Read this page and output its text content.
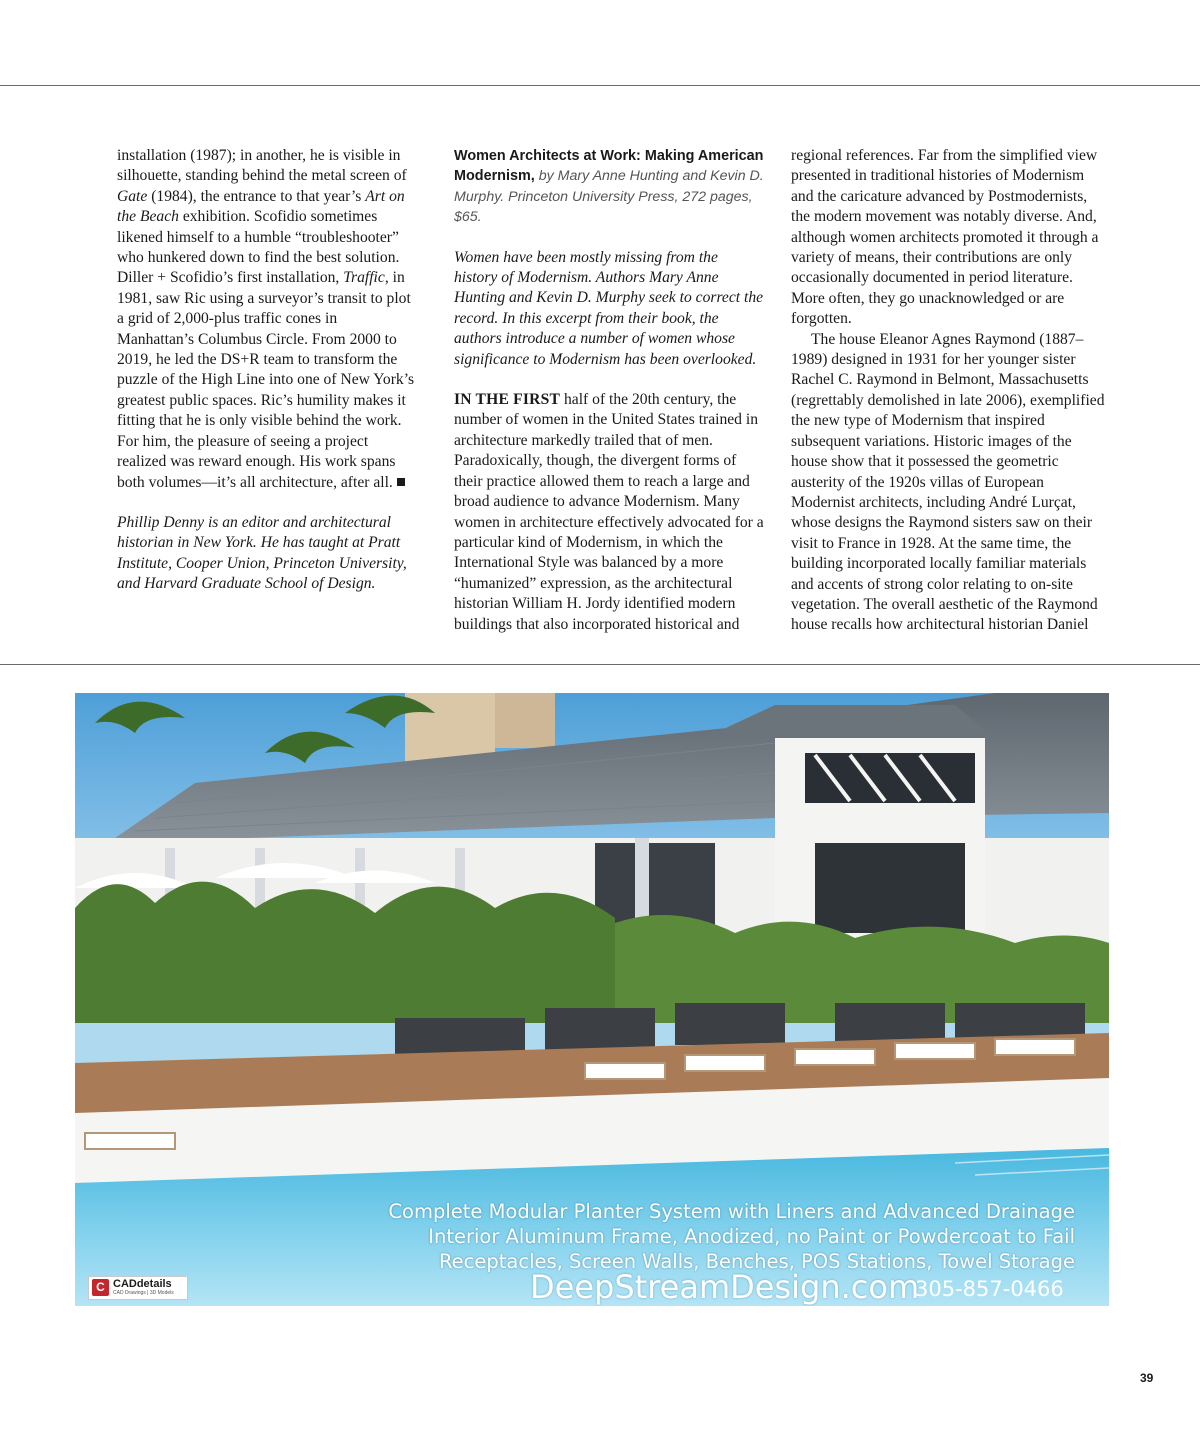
installation (1987); in another, he is visible in silhouette, standing behind the metal screen of Gate (1984), the entrance to that year’s Art on the Beach exhibition. Scofidio sometimes likened himself to a humble “troubleshooter” who hunkered down to find the best solution. Diller + Scofidio’s first installation, Traffic, in 1981, saw Ric using a surveyor’s transit to plot a grid of 2,000-plus traffic cones in Manhattan’s Columbus Circle. From 2000 to 2019, he led the DS+R team to transform the puzzle of the High Line into one of New York’s greatest public spaces. Ric’s humility makes it fitting that he is only visible behind the work. For him, the pleasure of seeing a project realized was reward enough. His work spans both volumes—it’s all architecture, after all.

Phillip Denny is an editor and architectural historian in New York. He has taught at Pratt Institute, Cooper Union, Princeton University, and Harvard Graduate School of Design.

Women Architects at Work: Making American Modernism, by Mary Anne Hunting and Kevin D. Murphy. Princeton University Press, 272 pages, $65.

Women have been mostly missing from the history of Modernism. Authors Mary Anne Hunting and Kevin D. Murphy seek to correct the record. In this excerpt from their book, the authors introduce a number of women whose significance to Modernism has been overlooked.

IN THE FIRST half of the 20th century, the number of women in the United States trained in architecture markedly trailed that of men. Paradoxically, though, the divergent forms of their practice allowed them to reach a large and broad audience to advance Modernism. Many women in architecture effectively advocated for a particular kind of Modernism, in which the International Style was balanced by a more “humanized” expression, as the architectural historian William H. Jordy identified modern buildings that also incorporated historical and

regional references. Far from the simplified view presented in traditional histories of Modernism and the caricature advanced by Postmodernists, the modern movement was notably diverse. And, although women architects promoted it through a variety of means, their contributions are only occasionally documented in period literature. More often, they go unacknowledged or are forgotten.

The house Eleanor Agnes Raymond (1887–1989) designed in 1931 for her younger sister Rachel C. Raymond in Belmont, Massachusetts (regrettably demolished in late 2006), exemplified the new type of Modernism that inspired subsequent variations. Historic images of the house show that it possessed the geometric austerity of the 1920s villas of European Modernist architects, including André Lurçat, whose designs the Raymond sisters saw on their visit to France in 1928. At the same time, the building incorporated locally familiar materials and accents of strong color relating to on-site vegetation. The overall aesthetic of the Raymond house recalls how architectural historian Daniel

Complete Modular Planter System with Liners and Advanced Drainage
Interior Aluminum Frame, Anodized, no Paint or Powdercoat to Fail
Receptacles, Screen Walls, Benches, POS Stations, Towel Storage
DeepStreamDesign.com
305-857-0466
C CADdetails
CAD Drawings | 3D Models
39
